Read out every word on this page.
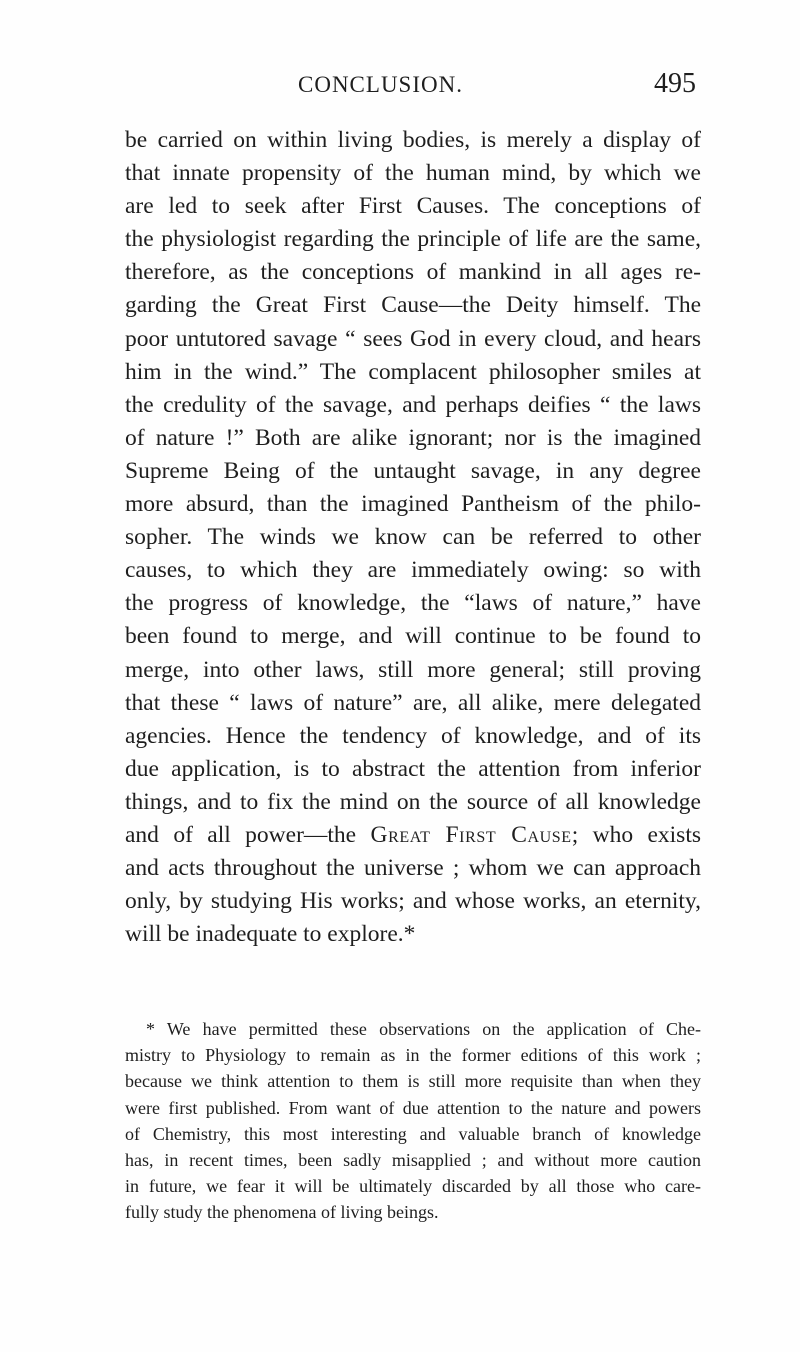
CONCLUSION.	495
be carried on within living bodies, is merely a display of
that innate propensity of the human mind, by which we
are led to seek after First Causes. The conceptions of
the physiologist regarding the principle of life are the same,
therefore, as the conceptions of mankind in all ages re-
garding the Great First Cause—the Deity himself. The
poor untutored savage “ sees God in every cloud, and hears
him in the wind.” The complacent philosopher smiles at
the credulity of the savage, and perhaps deifies “ the laws
of nature !” Both are alike ignorant; nor is the imagined
Supreme Being of the untaught savage, in any degree
more absurd, than the imagined Pantheism of the philo-
sopher. The winds we know can be referred to other
causes, to which they are immediately owing: so with
the progress of knowledge, the “laws of nature,” have
been found to merge, and will continue to be found to
merge, into other laws, still more general; still proving
that these “ laws of nature” are, all alike, mere delegated
agencies. Hence the tendency of knowledge, and of its
due application, is to abstract the attention from inferior
things, and to fix the mind on the source of all knowledge
and of all power—the Great First Cause; who exists
and acts throughout the universe ; whom we can approach
only, by studying His works; and whose works, an eternity,
will be inadequate to explore.*
* We have permitted these observations on the application of Che-
mistry to Physiology to remain as in the former editions of this work ;
because we think attention to them is still more requisite than when they
were first published. From want of due attention to the nature and powers
of Chemistry, this most interesting and valuable branch of knowledge
has, in recent times, been sadly misapplied ; and without more caution
in future, we fear it will be ultimately discarded by all those who care-
fully study the phenomena of living beings.
